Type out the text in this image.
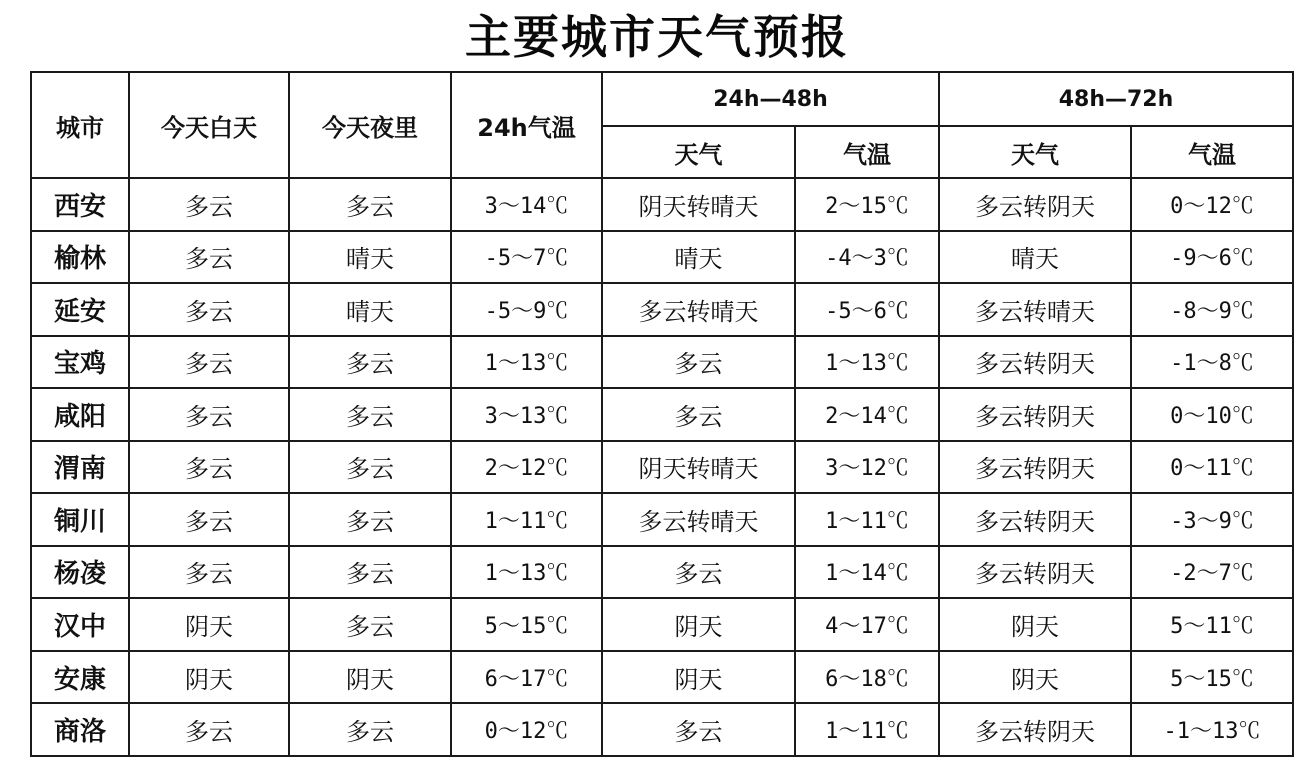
主要城市天气预报
城市	今天白天	今天夜里	24h气温	24h—48h		48h—72h	
				天气	气温	天气	气温
西安	多云	多云	3～14℃	阴天转晴天	2～15℃	多云转阴天	0～12℃
榆林	多云	晴天	-5～7℃	晴天	-4～3℃	晴天	-9～6℃
延安	多云	晴天	-5～9℃	多云转晴天	-5～6℃	多云转晴天	-8～9℃
宝鸡	多云	多云	1～13℃	多云	1～13℃	多云转阴天	-1～8℃
咸阳	多云	多云	3～13℃	多云	2～14℃	多云转阴天	0～10℃
渭南	多云	多云	2～12℃	阴天转晴天	3～12℃	多云转阴天	0～11℃
铜川	多云	多云	1～11℃	多云转晴天	1～11℃	多云转阴天	-3～9℃
杨凌	多云	多云	1～13℃	多云	1～14℃	多云转阴天	-2～7℃
汉中	阴天	多云	5～15℃	阴天	4～17℃	阴天	5～11℃
安康	阴天	阴天	6～17℃	阴天	6～18℃	阴天	5～15℃
商洛	多云	多云	0～12℃	多云	1～11℃	多云转阴天	-1～13℃
